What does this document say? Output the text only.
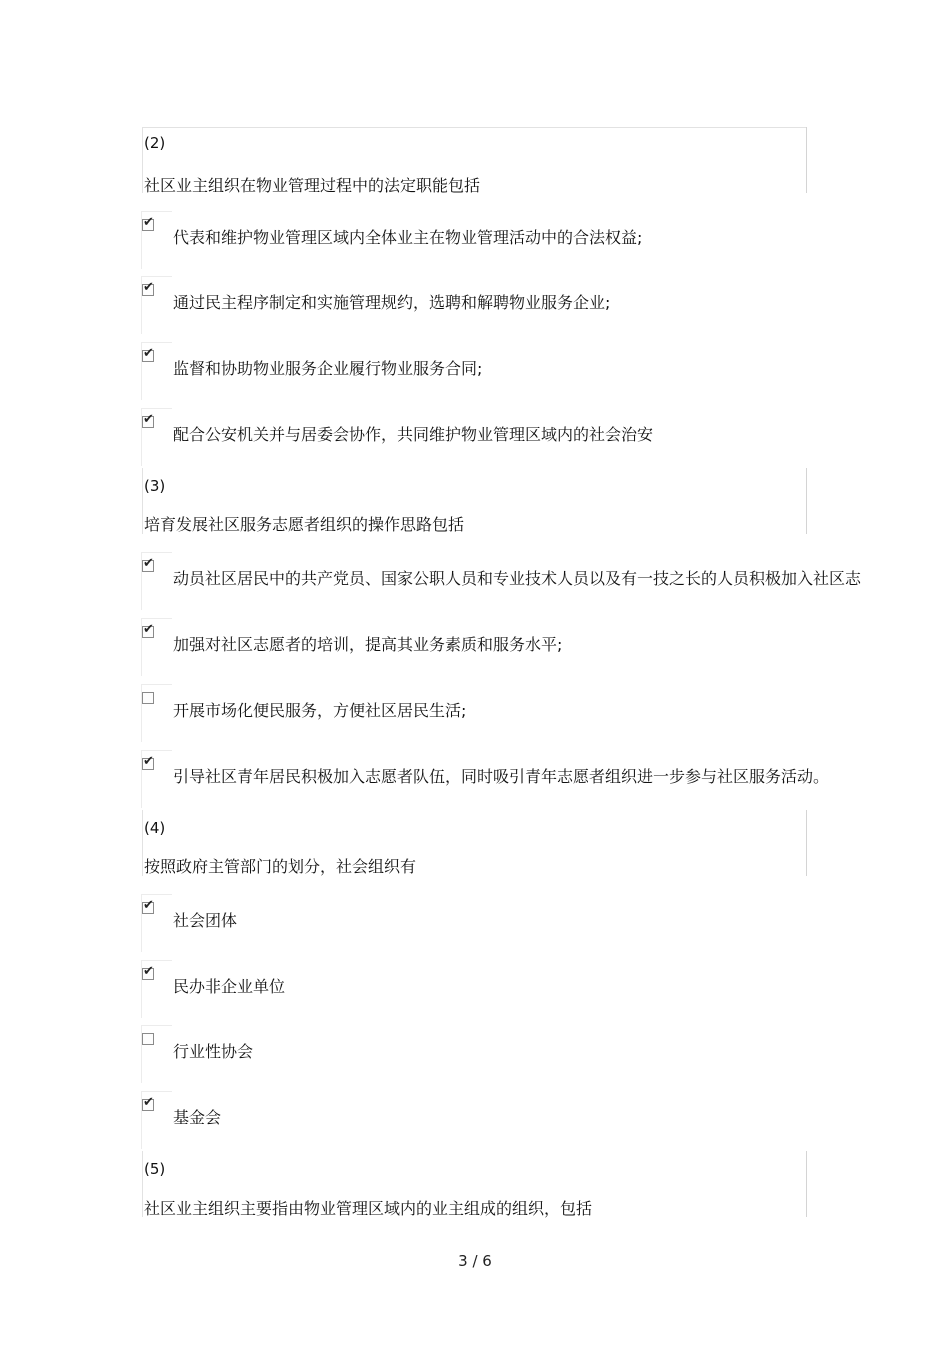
(2)
社区业主组织在物业管理过程中的法定职能包括
✔
代表和维护物业管理区域内全体业主在物业管理活动中的合法权益;
✔
通过民主程序制定和实施管理规约，选聘和解聘物业服务企业;
✔
监督和协助物业服务企业履行物业服务合同;
✔
配合公安机关并与居委会协作，共同维护物业管理区域内的社会治安
(3)
培育发展社区服务志愿者组织的操作思路包括
✔
动员社区居民中的共产党员、国家公职人员和专业技术人员以及有一技之长的人员积极加入社区志
✔
加强对社区志愿者的培训，提高其业务素质和服务水平;
开展市场化便民服务，方便社区居民生活;
✔
引导社区青年居民积极加入志愿者队伍，同时吸引青年志愿者组织进一步参与社区服务活动。
(4)
按照政府主管部门的划分，社会组织有
✔
社会团体
✔
民办非企业单位
行业性协会
✔
基金会
(5)
社区业主组织主要指由物业管理区域内的业主组成的组织，包括
3 / 6
